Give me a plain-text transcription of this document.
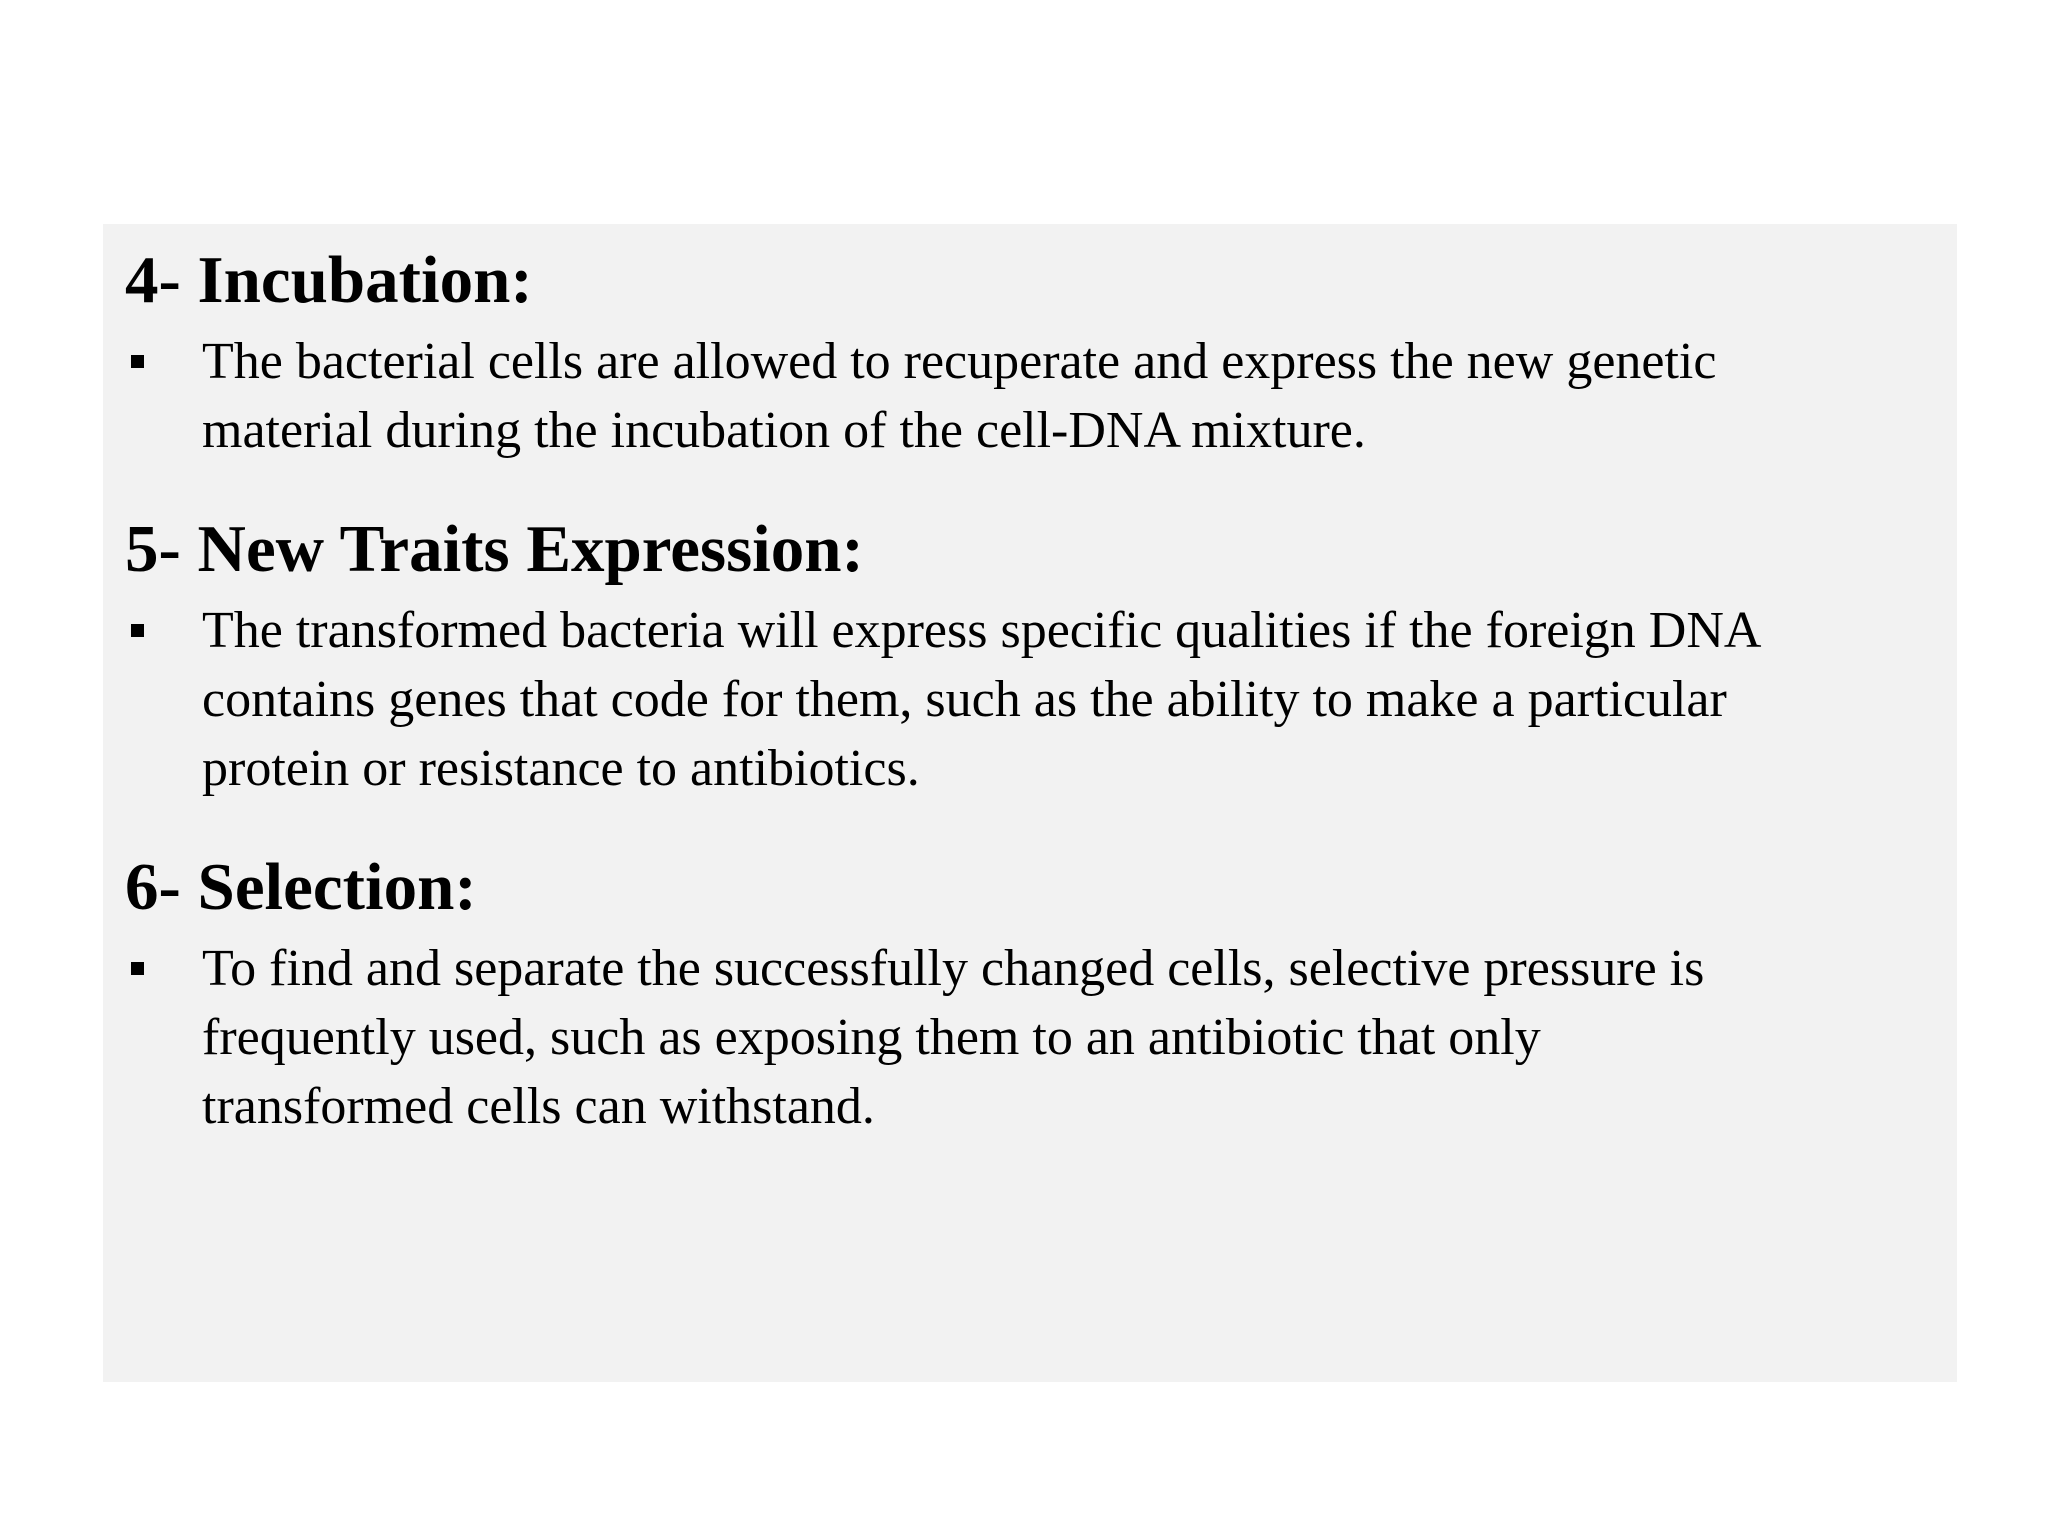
4- Incubation:
The bacterial cells are allowed to recuperate and express the new genetic
material during the incubation of the cell-DNA mixture.
5- New Traits Expression:
The transformed bacteria will express specific qualities if the foreign DNA
contains genes that code for them, such as the ability to make a particular
protein or resistance to antibiotics.
6- Selection:
To find and separate the successfully changed cells, selective pressure is
frequently used, such as exposing them to an antibiotic that only
transformed cells can withstand.
